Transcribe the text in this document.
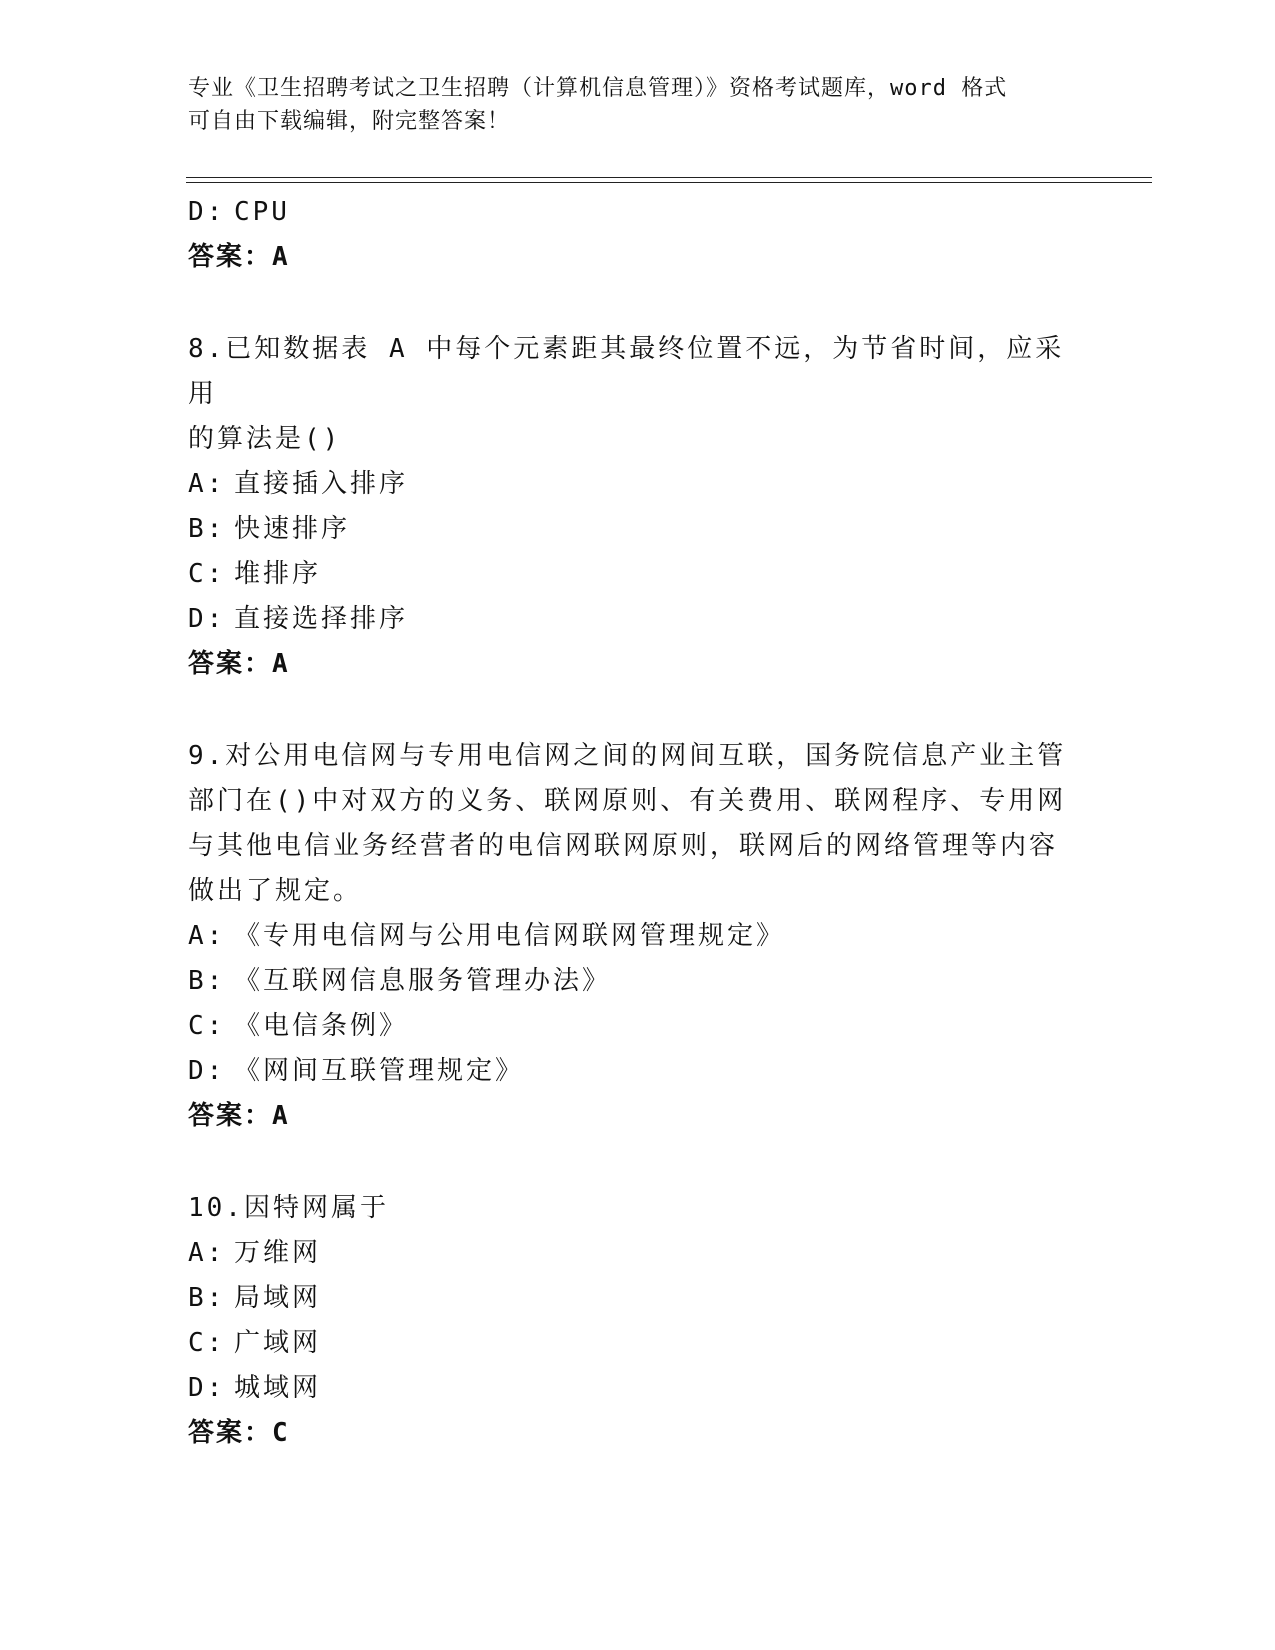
专业《卫生招聘考试之卫生招聘（计算机信息管理）》资格考试题库，word 格式
可自由下载编辑，附完整答案！
D: CPU
答案：A
8.已知数据表 A 中每个元素距其最终位置不远，为节省时间，应采用
的算法是()
A: 直接插入排序
B: 快速排序
C: 堆排序
D: 直接选择排序
答案：A
9.对公用电信网与专用电信网之间的网间互联，国务院信息产业主管
部门在()中对双方的义务、联网原则、有关费用、联网程序、专用网
与其他电信业务经营者的电信网联网原则，联网后的网络管理等内容
做出了规定。
A: 《专用电信网与公用电信网联网管理规定》
B: 《互联网信息服务管理办法》
C: 《电信条例》
D: 《网间互联管理规定》
答案：A
10.因特网属于
A: 万维网
B: 局域网
C: 广域网
D: 城域网
答案：C
